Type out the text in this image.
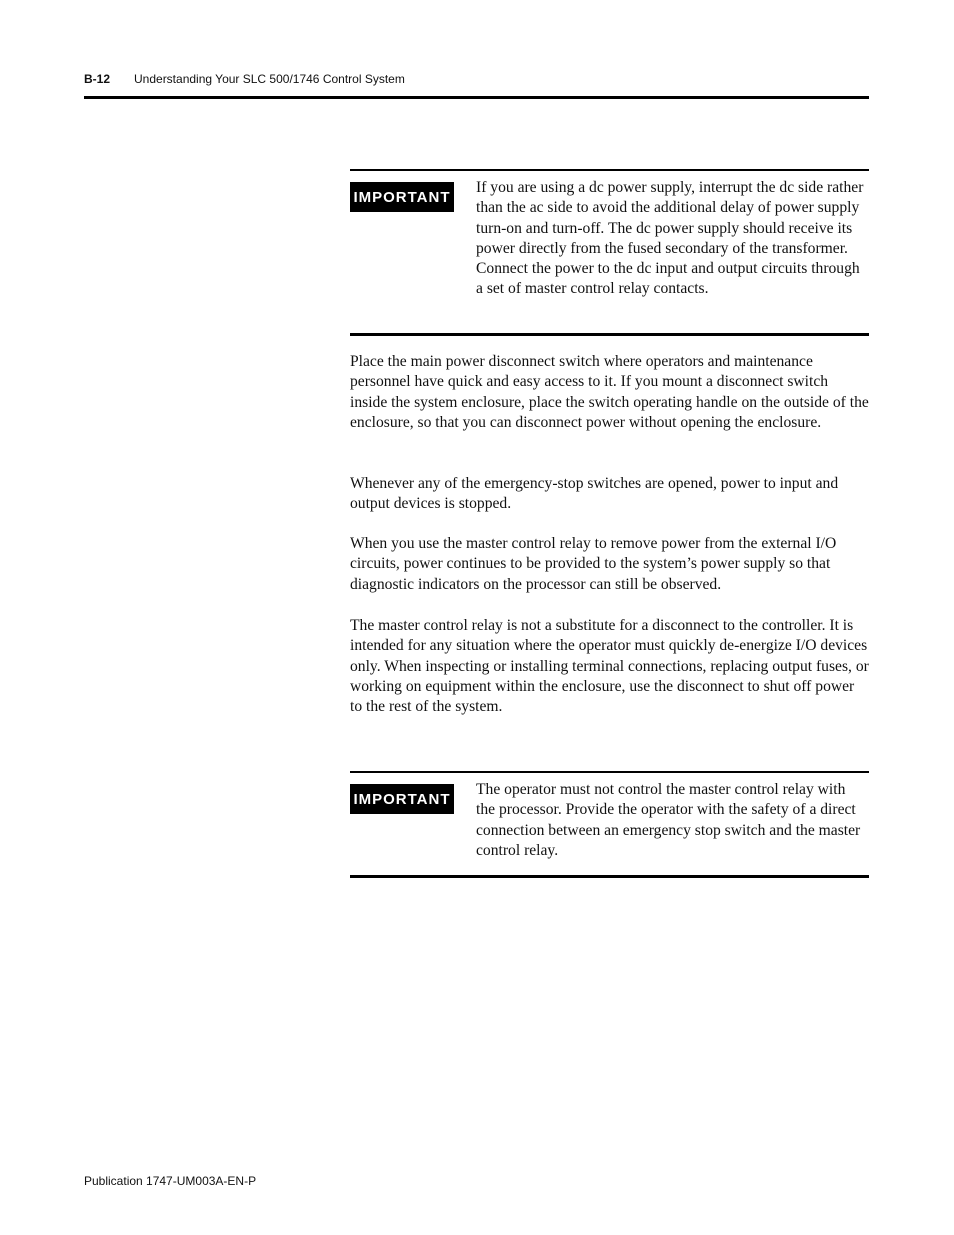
B-12	Understanding Your SLC 500/1746 Control System
IMPORTANT
If you are using a dc power supply, interrupt the dc side rather than the ac side to avoid the additional delay of power supply turn-on and turn-off. The dc power supply should receive its power directly from the fused secondary of the transformer. Connect the power to the dc input and output circuits through a set of master control relay contacts.

Place the main power disconnect switch where operators and maintenance personnel have quick and easy access to it. If you mount a disconnect switch inside the system enclosure, place the switch operating handle on the outside of the enclosure, so that you can disconnect power without opening the enclosure.

Whenever any of the emergency-stop switches are opened, power to input and output devices is stopped.

When you use the master control relay to remove power from the external I/O circuits, power continues to be provided to the system’s power supply so that diagnostic indicators on the processor can still be observed.

The master control relay is not a substitute for a disconnect to the controller. It is intended for any situation where the operator must quickly de-energize I/O devices only. When inspecting or installing terminal connections, replacing output fuses, or working on equipment within the enclosure, use the disconnect to shut off power to the rest of the system.

IMPORTANT
The operator must not control the master control relay with the processor. Provide the operator with the safety of a direct connection between an emergency stop switch and the master control relay.
Publication 1747-UM003A-EN-P
